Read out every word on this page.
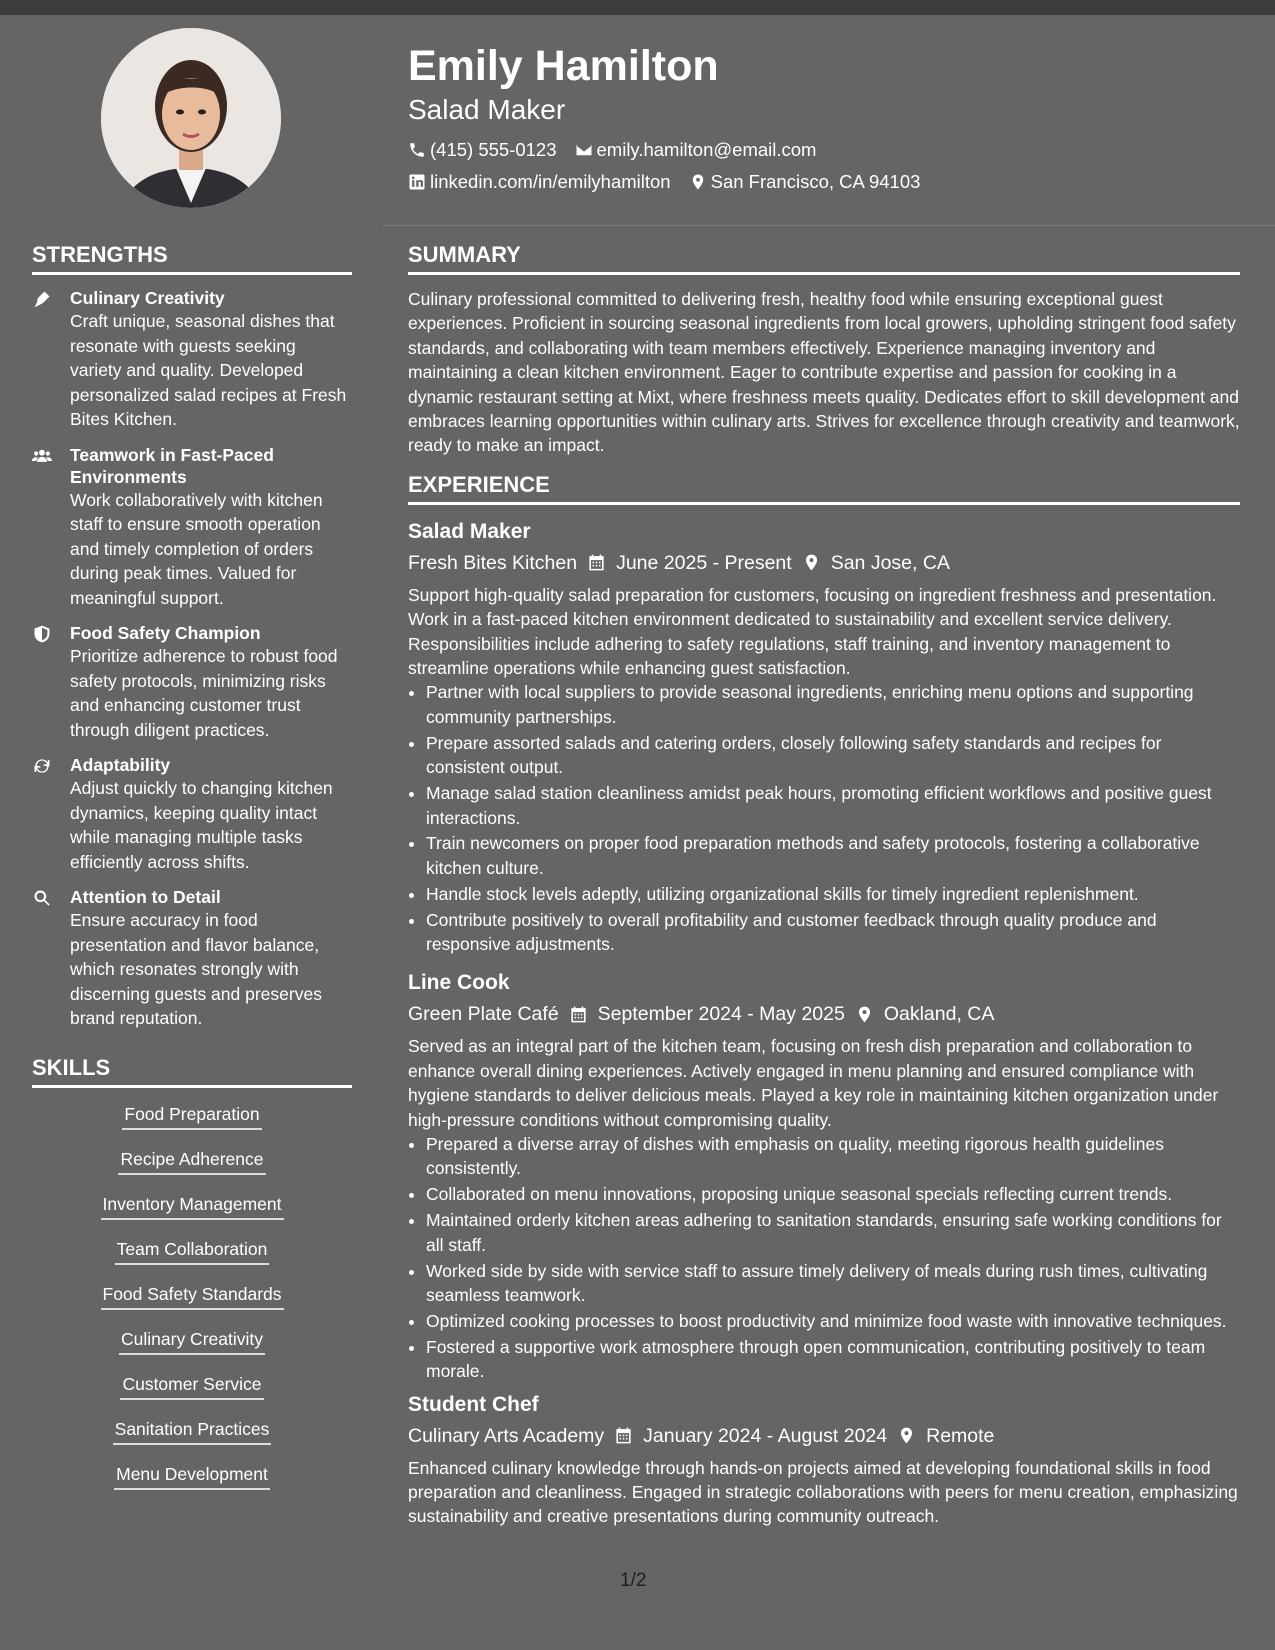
Emily Hamilton
Salad Maker
(415) 555-0123 emily.hamilton@email.com
linkedin.com/in/emilyhamilton San Francisco, CA 94103
STRENGTHS
Culinary Creativity
Craft unique, seasonal dishes that resonate with guests seeking variety and quality. Developed personalized salad recipes at Fresh Bites Kitchen.
Teamwork in Fast-Paced Environments
Work collaboratively with kitchen staff to ensure smooth operation and timely completion of orders during peak times. Valued for meaningful support.
Food Safety Champion
Prioritize adherence to robust food safety protocols, minimizing risks and enhancing customer trust through diligent practices.
Adaptability
Adjust quickly to changing kitchen dynamics, keeping quality intact while managing multiple tasks efficiently across shifts.
Attention to Detail
Ensure accuracy in food presentation and flavor balance, which resonates strongly with discerning guests and preserves brand reputation.
SKILLS
Food Preparation
Recipe Adherence
Inventory Management
Team Collaboration
Food Safety Standards
Culinary Creativity
Customer Service
Sanitation Practices
Menu Development
SUMMARY

Culinary professional committed to delivering fresh, healthy food while ensuring exceptional guest experiences. Proficient in sourcing seasonal ingredients from local growers, upholding stringent food safety standards, and collaborating with team members effectively. Experience managing inventory and maintaining a clean kitchen environment. Eager to contribute expertise and passion for cooking in a dynamic restaurant setting at Mixt, where freshness meets quality. Dedicates effort to skill development and embraces learning opportunities within culinary arts. Strives for excellence through creativity and teamwork, ready to make an impact.

EXPERIENCE
Salad Maker
Fresh Bites Kitchen June 2025 - Present San Jose, CA

Support high-quality salad preparation for customers, focusing on ingredient freshness and presentation. Work in a fast-paced kitchen environment dedicated to sustainability and excellent service delivery. Responsibilities include adhering to safety regulations, staff training, and inventory management to streamline operations while enhancing guest satisfaction.

• Partner with local suppliers to provide seasonal ingredients, enriching menu options and supporting community partnerships.
• Prepare assorted salads and catering orders, closely following safety standards and recipes for consistent output.
• Manage salad station cleanliness amidst peak hours, promoting efficient workflows and positive guest interactions.
• Train newcomers on proper food preparation methods and safety protocols, fostering a collaborative kitchen culture.
• Handle stock levels adeptly, utilizing organizational skills for timely ingredient replenishment.
• Contribute positively to overall profitability and customer feedback through quality produce and responsive adjustments.
Line Cook
Green Plate Café September 2024 - May 2025 Oakland, CA

Served as an integral part of the kitchen team, focusing on fresh dish preparation and collaboration to enhance overall dining experiences. Actively engaged in menu planning and ensured compliance with hygiene standards to deliver delicious meals. Played a key role in maintaining kitchen organization under high-pressure conditions without compromising quality.

• Prepared a diverse array of dishes with emphasis on quality, meeting rigorous health guidelines consistently.
• Collaborated on menu innovations, proposing unique seasonal specials reflecting current trends.
• Maintained orderly kitchen areas adhering to sanitation standards, ensuring safe working conditions for all staff.
• Worked side by side with service staff to assure timely delivery of meals during rush times, cultivating seamless teamwork.
• Optimized cooking processes to boost productivity and minimize food waste with innovative techniques.
• Fostered a supportive work atmosphere through open communication, contributing positively to team morale.
Student Chef
Culinary Arts Academy January 2024 - August 2024 Remote

Enhanced culinary knowledge through hands-on projects aimed at developing foundational skills in food preparation and cleanliness. Engaged in strategic collaborations with peers for menu creation, emphasizing sustainability and creative presentations during community outreach.

1/2
